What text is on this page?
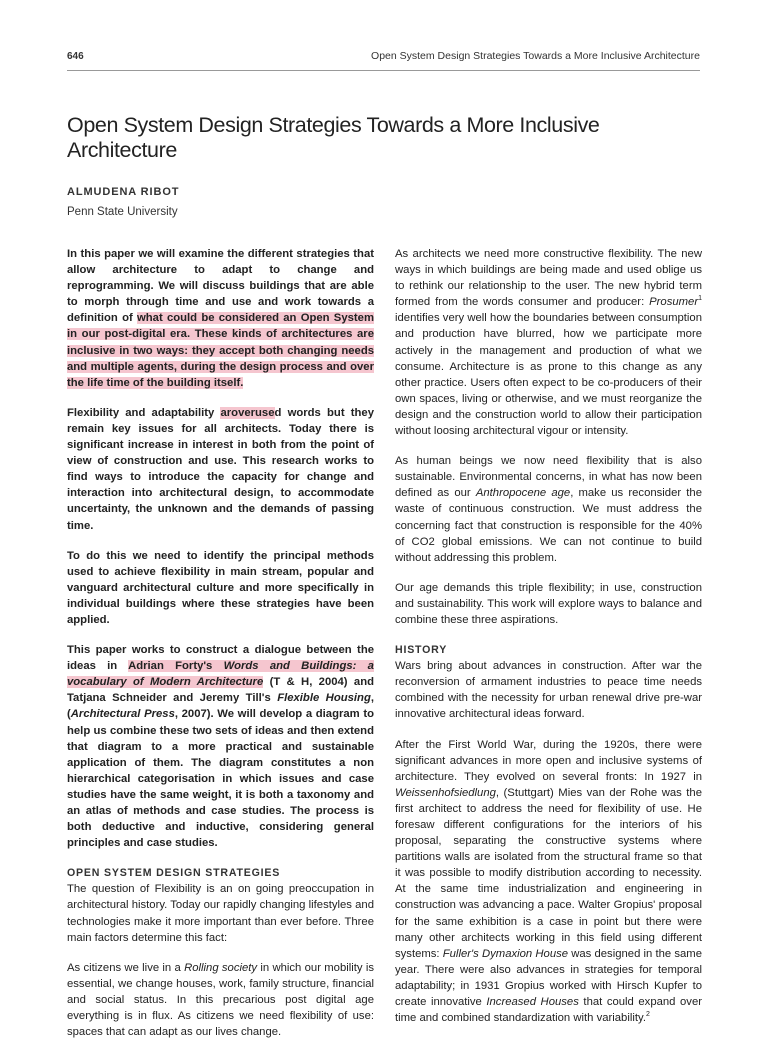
646	Open System Design Strategies Towards a More Inclusive Architecture
Open System Design Strategies Towards a More Inclusive Architecture
ALMUDENA RIBOT
Penn State University

In this paper we will examine the different strategies that allow architecture to adapt to change and reprogramming. We will discuss buildings that are able to morph through time and use and work towards a definition of what could be considered an Open System in our post-digital era. These kinds of architectures are inclusive in two ways: they accept both changing needs and multiple agents, during the design process and over the life time of the building itself.

Flexibility and adaptability aroverused words but they remain key issues for all architects. Today there is significant increase in interest in both from the point of view of construction and use. This research works to find ways to introduce the capacity for change and interaction into architectural design, to accommodate uncertainty, the unknown and the demands of passing time.

To do this we need to identify the principal methods used to achieve flexibility in main stream, popular and vanguard architectural culture and more specifically in individual buildings where these strategies have been applied.

This paper works to construct a dialogue between the ideas in Adrian Forty's Words and Buildings: a vocabulary of Modern Architecture (T & H, 2004) and Tatjana Schneider and Jeremy Till's Flexible Housing, (Architectural Press, 2007). We will develop a diagram to help us combine these two sets of ideas and then extend that diagram to a more practical and sustainable application of them. The diagram constitutes a non hierarchical categorisation in which issues and case studies have the same weight, it is both a taxonomy and an atlas of methods and case studies. The process is both deductive and inductive, considering general principles and case studies.

OPEN SYSTEM DESIGN STRATEGIES

The question of Flexibility is an on going preoccupation in architectural history. Today our rapidly changing lifestyles and technologies make it more important than ever before. Three main factors determine this fact:

As citizens we live in a Rolling society in which our mobility is essential, we change houses, work, family structure, financial and social status. In this precarious post digital age everything is in flux. As citizens we need flexibility of use: spaces that can adapt as our lives change.

As architects we need more constructive flexibility. The new ways in which buildings are being made and used oblige us to rethink our relationship to the user. The new hybrid term formed from the words consumer and producer: Prosumer$^1$ identifies very well how the boundaries between consumption and production have blurred, how we participate more actively in the management and production of what we consume. Architecture is as prone to this change as any other practice. Users often expect to be co-producers of their own spaces, living or otherwise, and we must reorganize the design and the construction world to allow their participation without loosing architectural vigour or intensity.

As human beings we now need flexibility that is also sustainable. Environmental concerns, in what has now been defined as our Anthropocene age, make us reconsider the waste of continuous construction. We must address the concerning fact that construction is responsible for the 40% of CO2 global emissions. We can not continue to build without addressing this problem.

Our age demands this triple flexibility; in use, construction and sustainability. This work will explore ways to balance and combine these three aspirations.

HISTORY

Wars bring about advances in construction. After war the reconversion of armament industries to peace time needs combined with the necessity for urban renewal drive pre-war innovative architectural ideas forward.

After the First World War, during the 1920s, there were significant advances in more open and inclusive systems of architecture. They evolved on several fronts: In 1927 in Weissenhofsiedlung, (Stuttgart) Mies van der Rohe was the first architect to address the need for flexibility of use. He foresaw different configurations for the interiors of his proposal, separating the constructive systems where partitions walls are isolated from the structural frame so that it was possible to modify distribution according to necessity. At the same time industrialization and engineering in construction was advancing a pace. Walter Gropius' proposal for the same exhibition is a case in point but there were many other architects working in this field using different systems: Fuller's Dymaxion House was designed in the same year. There were also advances in strategies for temporal adaptability; in 1931 Gropius worked with Hirsch Kupfer to create innovative Increased Houses that could expand over time and combined standardization with variability.$^2$
